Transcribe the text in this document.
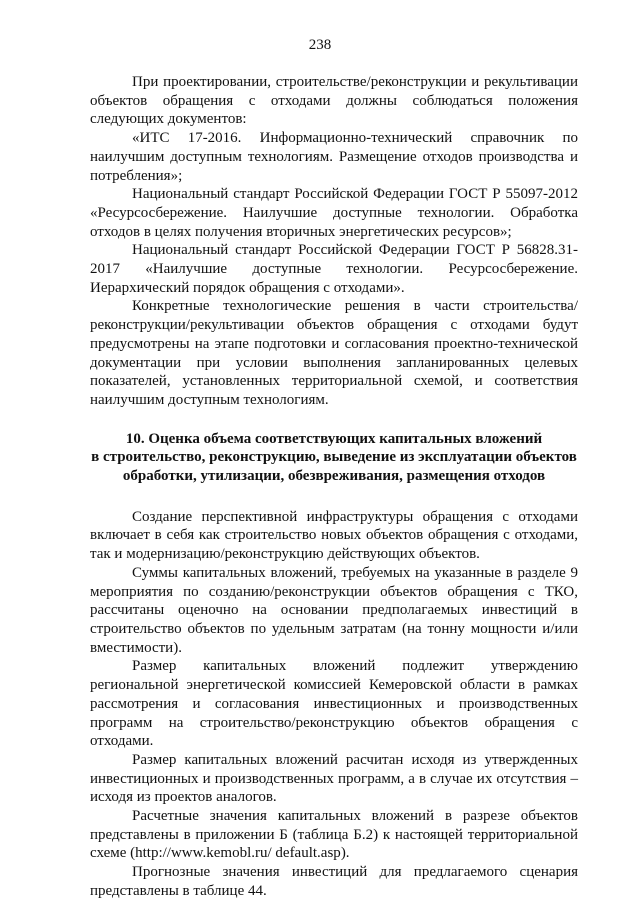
238

При проектировании, строительстве/реконструкции и рекультивации объектов обращения с отходами должны соблюдаться положения следующих документов:

«ИТС 17-2016. Информационно-технический справочник по наилучшим доступным технологиям. Размещение отходов производства и потребления»;

Национальный стандарт Российской Федерации ГОСТ Р 55097-2012 «Ресурсосбережение. Наилучшие доступные технологии. Обработка отходов в целях получения вторичных энергетических ресурсов»;

Национальный стандарт Российской Федерации ГОСТ Р 56828.31-2017 «Наилучшие доступные технологии. Ресурсосбережение. Иерархический порядок обращения с отходами».

Конкретные технологические решения в части строительства/реконструкции/рекультивации объектов обращения с отходами будут предусмотрены на этапе подготовки и согласования проектно-технической документации при условии выполнения запланированных целевых показателей, установленных территориальной схемой, и соответствия наилучшим доступным технологиям.

10. Оценка объема соответствующих капитальных вложений
в строительство, реконструкцию, выведение из эксплуатации объектов
обработки, утилизации, обезвреживания, размещения отходов

Создание перспективной инфраструктуры обращения с отходами включает в себя как строительство новых объектов обращения с отходами, так и модернизацию/реконструкцию действующих объектов.

Суммы капитальных вложений, требуемых на указанные в разделе 9 мероприятия по созданию/реконструкции объектов обращения с ТКО, рассчитаны оценочно на основании предполагаемых инвестиций в строительство объектов по удельным затратам (на тонну мощности и/или вместимости).

Размер капитальных вложений подлежит утверждению региональной энергетической комиссией Кемеровской области в рамках рассмотрения и согласования инвестиционных и производственных программ на строительство/реконструкцию объектов обращения с отходами.

Размер капитальных вложений расчитан исходя из утвержденных инвестиционных и производственных программ, а в случае их отсутствия – исходя из проектов аналогов.

Расчетные значения капитальных вложений в разрезе объектов представлены в приложении Б (таблица Б.2) к настоящей территориальной схеме (http://www.kemobl.ru/ default.asp).

Прогнозные значения инвестиций для предлагаемого сценария представлены в таблице 44.
